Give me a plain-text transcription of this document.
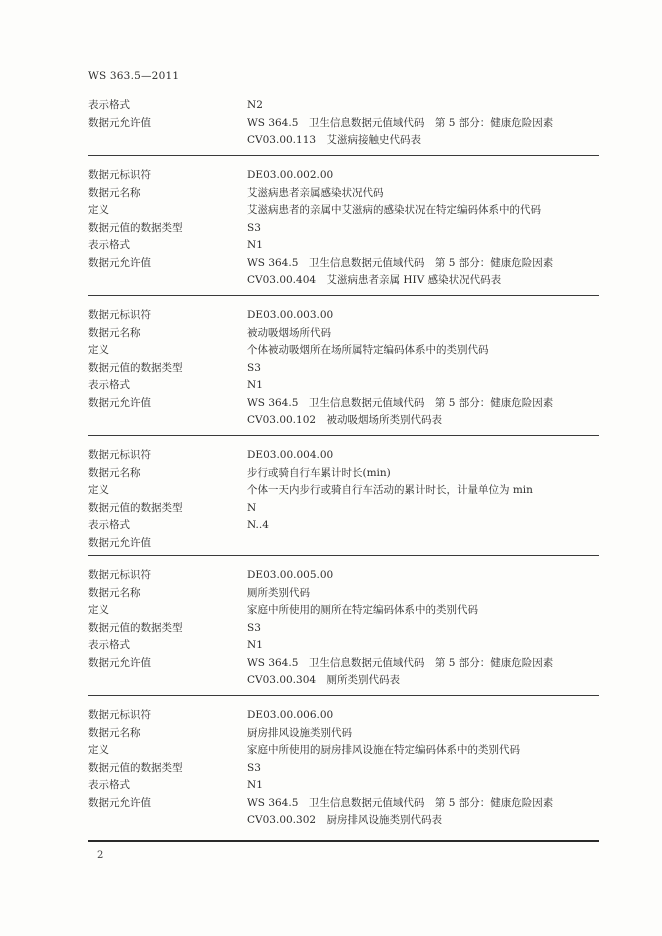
WS 363.5—2011
表示格式	N2
数据元允许值	WS 364.5　卫生信息数据元值域代码　第 5 部分：健康危险因素
CV03.00.113　艾滋病接触史代码表
数据元标识符	DE03.00.002.00
数据元名称	艾滋病患者亲属感染状况代码
定义	艾滋病患者的亲属中艾滋病的感染状况在特定编码体系中的代码
数据元值的数据类型	S3
表示格式	N1
数据元允许值	WS 364.5　卫生信息数据元值域代码　第 5 部分：健康危险因素
CV03.00.404　艾滋病患者亲属 HIV 感染状况代码表
数据元标识符	DE03.00.003.00
数据元名称	被动吸烟场所代码
定义	个体被动吸烟所在场所属特定编码体系中的类别代码
数据元值的数据类型	S3
表示格式	N1
数据元允许值	WS 364.5　卫生信息数据元值域代码　第 5 部分：健康危险因素
CV03.00.102　被动吸烟场所类别代码表
数据元标识符	DE03.00.004.00
数据元名称	步行或骑自行车累计时长(min)
定义	个体一天内步行或骑自行车活动的累计时长，计量单位为 min
数据元值的数据类型	N
表示格式	N..4
数据元允许值
数据元标识符	DE03.00.005.00
数据元名称	厕所类别代码
定义	家庭中所使用的厕所在特定编码体系中的类别代码
数据元值的数据类型	S3
表示格式	N1
数据元允许值	WS 364.5　卫生信息数据元值域代码　第 5 部分：健康危险因素
CV03.00.304　厕所类别代码表
数据元标识符	DE03.00.006.00
数据元名称	厨房排风设施类别代码
定义	家庭中所使用的厨房排风设施在特定编码体系中的类别代码
数据元值的数据类型	S3
表示格式	N1
数据元允许值	WS 364.5　卫生信息数据元值域代码　第 5 部分：健康危险因素
CV03.00.302　厨房排风设施类别代码表
2
